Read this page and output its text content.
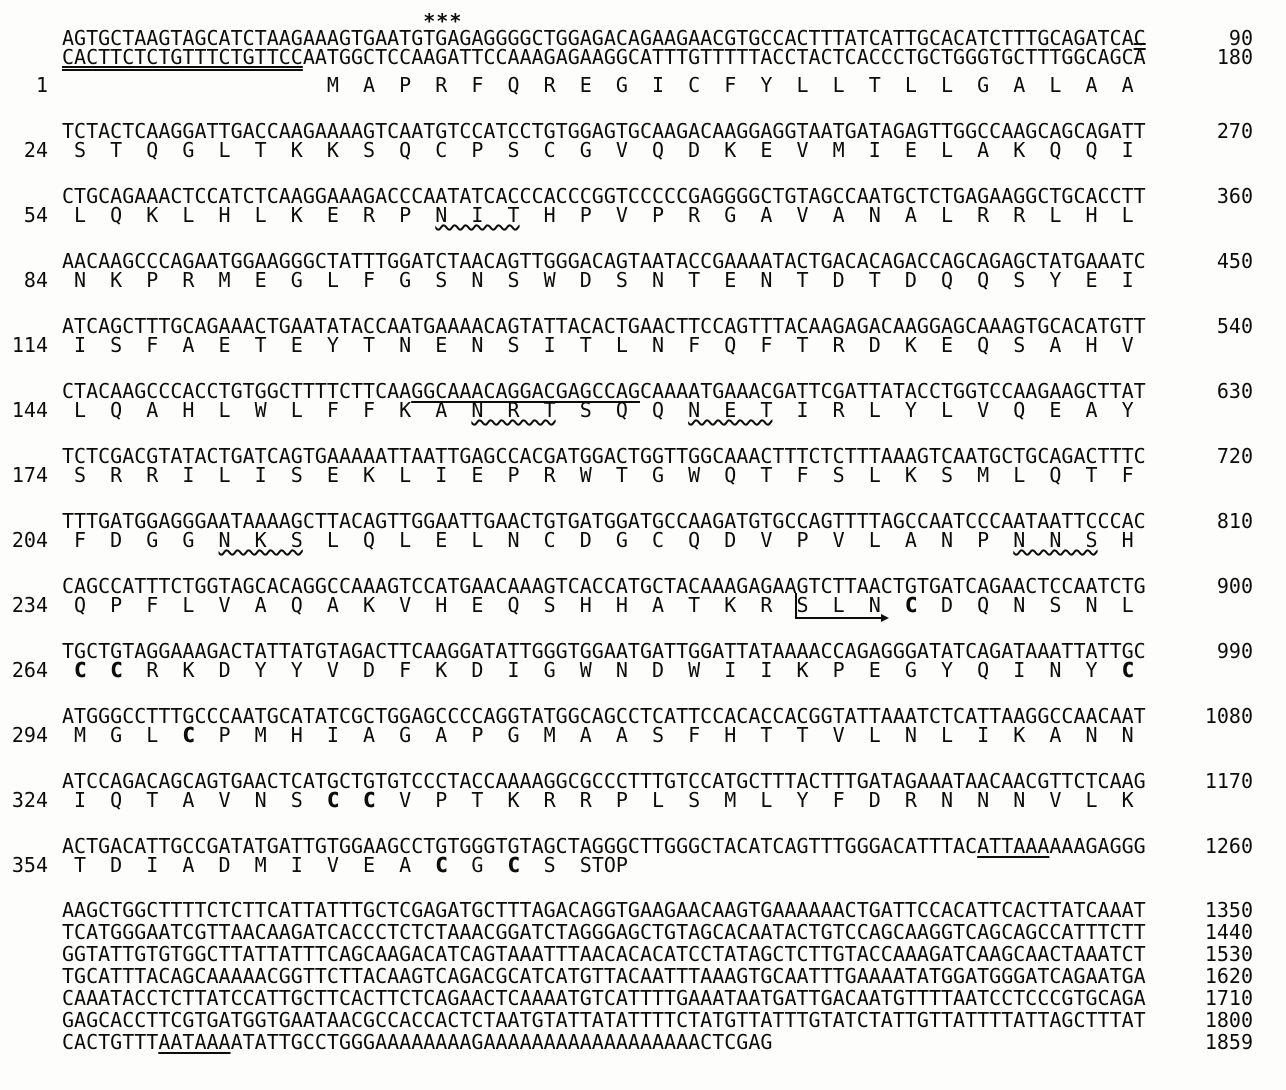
***
AGTGCTAAGTAGCATCTAAGAAAGTGAATGTGAGAGGGGCTGGAGACAGAAGAACGTGCCACTTTATCATTGCACATCTTTGCAGATCAC	90
$CACTTCTCTGTTTCTGTTCCAATGGCTCCAAGATTCCAAAGAGAAGGCATTTGTTTTTACCTACTCACCCTGCTGGGTGCTTTGGCAGC\overline{A}$	180
1 M  A  P  R  F  Q  R  E  G  I  C  F  Y  L  L  T  L  L  G  A  L  A  A
TCTACTCAAGGATTGACCAAGAAAAGTCAATGTCCATCCTGTGGAGTGCAAGACAAGGAGGTAATGATAGAGTTGGCCAAGCAGCAGATT	270
24 S  T  Q  G  L  T  K  K  S  Q  C  P  S  C  G  V  Q  D  K  E  V  M  I  E  L  A  K  Q  Q  I
CTGCAGAAACTCCATCTCAAGGAAAGACCCAATATCACCCACCCGGTCCCCCGAGGGGCTGTAGCCAATGCTCTGAGAAGGCTGCACCTT	360
54 L  Q  K  L  H  L  K  E  R  P  N  I  T  H  P  V  P  R  G  A  V  A  N  A  L  R  R  L  H  L
AACAAGCCCAGAATGGAAGGGCTATTTGGATCTAACAGTTGGGACAGTAATACCGAAAATACTGACACAGACCAGCAGAGCTATGAAATC	450
84 N  K  P  R  M  E  G  L  F  G  S  N  S  W  D  S  N  T  E  N  T  D  T  D  Q  Q  S  Y  E  I
ATCAGCTTTGCAGAAACTGAATATACCAATGAAAACAGTATTACACTGAACTTCCAGTTTACAAGAGACAAGGAGCAAAGTGCACATGTT	540
114 I  S  F  A  E  T  E  Y  T  N  E  N  S  I  T  L  N  F  Q  F  T  R  D  K  E  Q  S  A  H  V
CTACAAGCCCACCTGTGGCTTTTCTTCAAGGCAAACAGGACGAGCCAGCAAAATGAAACGATTCGATTATACCTGGTCCAAGAAGCTTAT	630
144 L  Q  A  H  L  W  L  F  F  K  A  N  R  T  S  Q  Q  N  E  T  I  R  L  Y  L  V  Q  E  A  Y
TCTCGACGTATACTGATCAGTGAAAAATTAATTGAGCCACGATGGACTGGTTGGCAAACTTTCTCTTTAAAGTCAATGCTGCAGACTTTC	720
174 S  R  R  I  L  I  S  E  K  L  I  E  P  R  W  T  G  W  Q  T  F  S  L  K  S  M  L  Q  T  F
TTTGATGGAGGGAATAAAAGCTTACAGTTGGAATTGAACTGTGATGGATGCCAAGATGTGCCAGTTTTAGCCAATCCCAATAATTCCCAC	810
204 F  D  G  G  N  K  S  L  Q  L  E  L  N  C  D  G  C  Q  D  V  P  V  L  A  N  P  N  N  S  H
CAGCCATTTCTGGTAGCACAGGCCAAAGTCCATGAACAAAGTCACCATGCTACAAAGAGAAGTCTTAACTGTGATCAGAACTCCAATCTG	900
234 Q  P  F  L  V  A  Q  A  K  V  H  E  Q  S  H  H  A  T  K  R  S  L  N C  D  Q  N  S  N  L
TGCTGTAGGAAAGACTATTATGTAGACTTCAAGGATATTGGGTGGAATGATTGGATTATAAAACCAGAGGGATATCAGATAAATTATTGC	990
264	C C  R  K  D  Y  Y  V  D  F  K  D  I  G  W  N  D  W  I  I  K  P  E  G  Y  Q  I  N  Y  C
ATGGGCCTTTGCCCAATGCATATCGCTGGAGCCCCAGGTATGGCAGCCTCATTCCACACCACGGTATTAAATCTCATTAAGGCCAACAAT	1080
294 M  G  L  C  P  M  H  I  A  G  A  P  G  M  A  A  S  F  H  T  T  V  L  N  L  I  K  A  N  N
ATCCAGACAGCAGTGAACTCATGCTGTGTCCCTACCAAAAGGCGCCCTTTGTCCATGCTTTACTTTGATAGAAATAACAACGTTCTCAAG	1170
324 I  Q  T  A  V  N  S  C C  V  P  T  K  R  R  P  L  S  M  L  Y  F  D  R  N  N  N  V  L  K
ACTGACATTGCCGATATGATTGTGGAAGCCTGTGGGTGTAGCTAGGGCTTGGGCTACATCAGTTTGGGACATTTACATTAAAAAAGAGGG	1260
354 T  D  I  A  D  M  I  V  E  A  C  G  C  S  STOP
AAGCTGGCTTTTCTCTTCATTATTTGCTCGAGATGCTTTAGACAGGTGAAGAACAAGTGAAAAAACTGATTCCACATTCACTTATCAAAT	1350
TCATGGGAATCGTTAACAAGATCACCCTCTCTAAACGGATCTAGGGAGCTGTAGCACAATACTGTCCAGCAAGGTCAGCAGCCATTTCTT	1440
GGTATTGTGTGGCTTATTATTTCAGCAAGACATCAGTAAATTTAACACACATCCTATAGCTCTTGTACCAAAGATCAAGCAACTAAATCT	1530
TGCATTTACAGCAAAAACGGTTCTTACAAGTCAGACGCATCATGTTACAATTTAAAGTGCAATTTGAAAATATGGATGGGATCAGAATGA	1620
CAAATACCTCTTATCCATTGCTTCACTTCTCAGAACTCAAAATGTCATTTTGAAATAATGATTGACAATGTTTTAATCCTCCCGTGCAGA	1710
GAGCACCTTCGTGATGGTGAATAACGCCACCACTCTAATGTATTATATTTTCTATGTTATTTGTATCTATTGTTATTTTATTAGCTTTAT	1800
CACTGTTTAATAAAATATTGCCTGGGAAAAAAAAGAAAAAAAAAAAAAAAAAACTCGAG	1859
